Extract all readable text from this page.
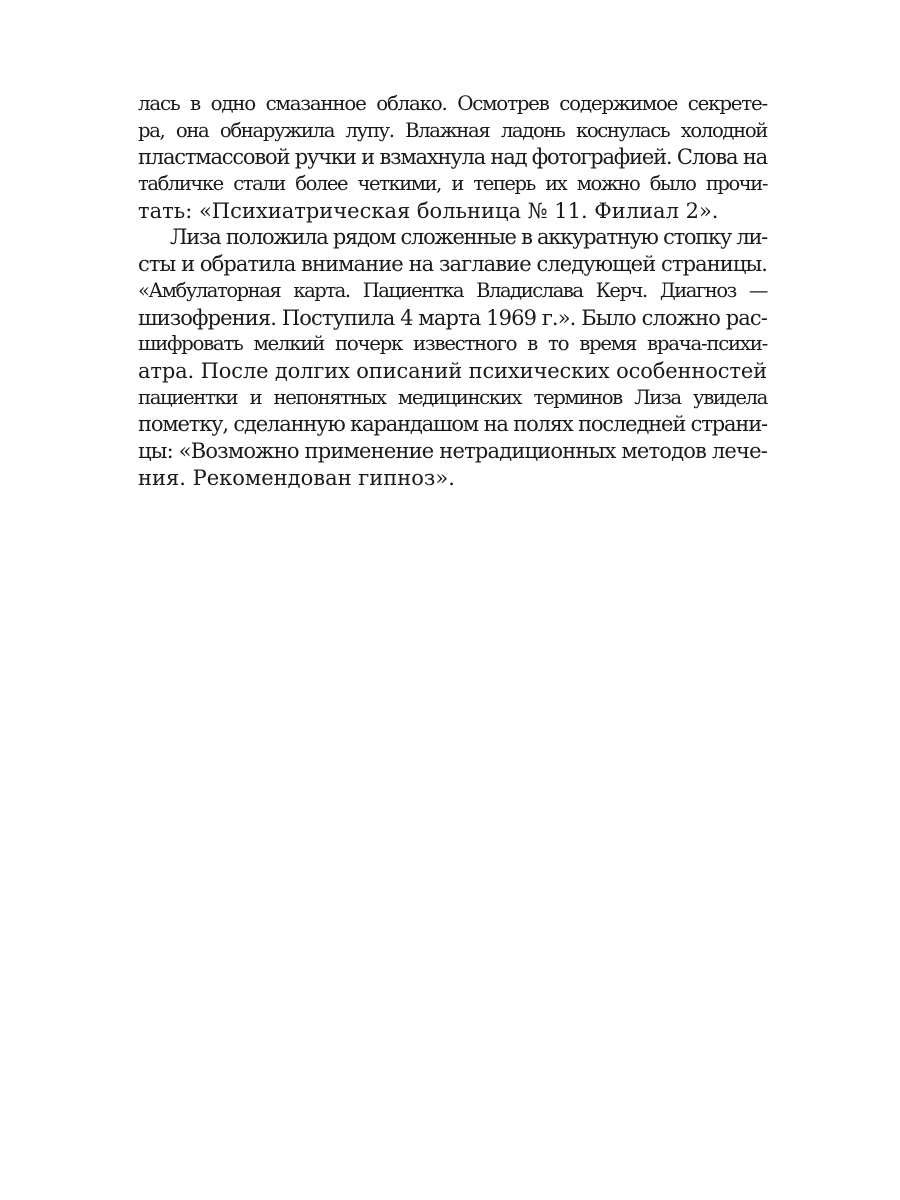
лась в одно смазанное облако. Осмотрев содержимое секрете-
ра, она обнаружила лупу. Влажная ладонь коснулась холодной
пластмассовой ручки и взмахнула над фотографией. Слова на
табличке стали более четкими, и теперь их можно было прочи-
тать: «Психиатрическая больница № 11. Филиал 2».
Лиза положила рядом сложенные в аккуратную стопку ли-
сты и обратила внимание на заглавие следующей страницы.
«Амбулаторная карта. Пациентка Владислава Керч. Диагноз —
шизофрения. Поступила 4 марта 1969 г.». Было сложно рас-
шифровать мелкий почерк известного в то время врача-психи-
атра. После долгих описаний психических особенностей
пациентки и непонятных медицинских терминов Лиза увидела
пометку, сделанную карандашом на полях последней страни-
цы: «Возможно применение нетрадиционных методов лече-
ния. Рекомендован гипноз».
